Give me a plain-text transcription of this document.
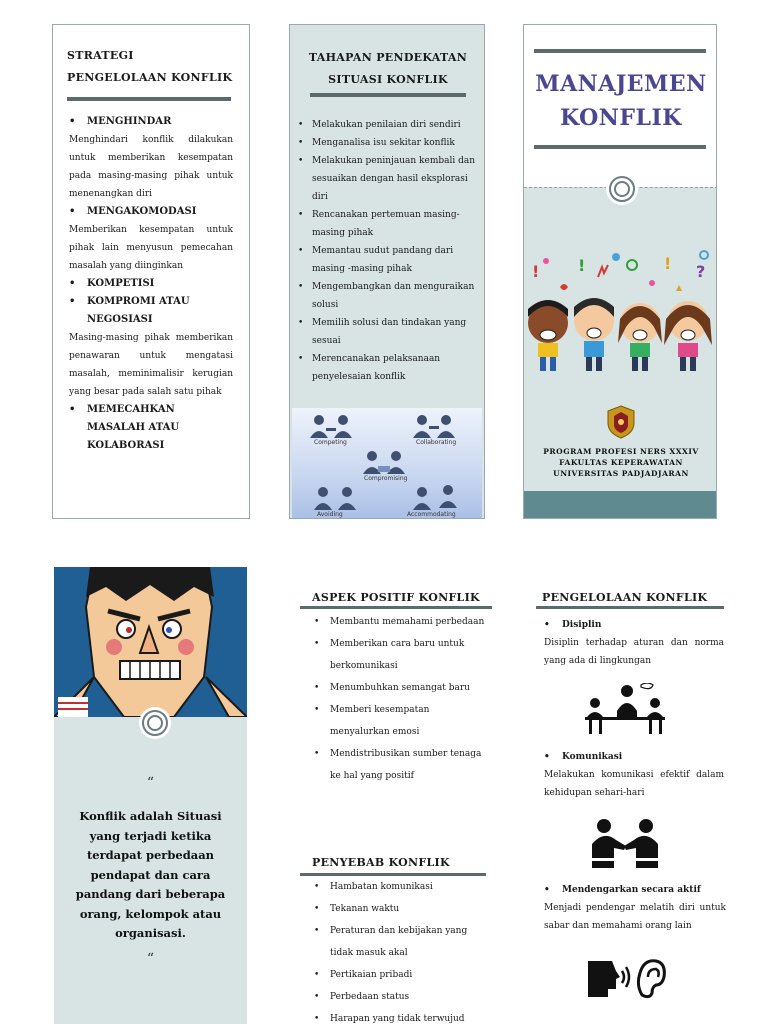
STRATEGI
PENGELOLAAN KONFLIK
•	MENGHINDAR
Menghindari konflik dilakukan untuk memberikan kesempatan pada masing-masing pihak untuk menenangkan diri
•	MENGAKOMODASI
Memberikan kesempatan untuk pihak lain menyusun pemecahan masalah yang diinginkan
•	KOMPETISI
•	KOMPROMI ATAU NEGOSIASI
Masing-masing pihak memberikan penawaran untuk mengatasi masalah, meminimalisir kerugian yang besar pada salah satu pihak
•	MEMECAHKAN MASALAH ATAU KOLABORASI
TAHAPAN PENDEKATAN
SITUASI KONFLIK
• Melakukan penilaian diri sendiri
• Menganalisa isu sekitar konflik
• Melakukan peninjauan kembali dan sesuaikan dengan hasil eksplorasi diri
• Rencanakan pertemuan masing-masing pihak
• Memantau sudut pandang dari masing -masing pihak
• Mengembangkan dan menguraikan solusi
• Memilih solusi dan tindakan yang sesuai
• Merencanakan pelaksanaan penyelesaian konflik
Competing	Collaborating
Compromising
Avoiding	Accommodating
MANAJEMEN
KONFLIK
! !	! ?
PROGRAM PROFESI NERS XXXIV
FAKULTAS KEPERAWATAN
UNIVERSITAS PADJADJARAN
“
Konflik adalah Situasi yang terjadi ketika terdapat perbedaan pendapat dan cara pandang dari beberapa orang, kelompok atau organisasi.
“
ASPEK POSITIF KONFLIK
•	Membantu memahami perbedaan
•	Memberikan cara baru untuk berkomunikasi
•	Menumbuhkan semangat baru
•	Memberi kesempatan menyalurkan emosi
•	Mendistribusikan sumber tenaga ke hal yang positif
PENYEBAB KONFLIK
•	Hambatan komunikasi
•	Tekanan waktu
•	Peraturan dan kebijakan yang tidak masuk akal
•	Pertikaian pribadi
•	Perbedaan status
•	Harapan yang tidak terwujud
PENGELOLAAN KONFLIK
•	Disiplin
Disiplin terhadap aturan dan norma yang ada di lingkungan
•	Komunikasi
Melakukan komunikasi efektif dalam kehidupan sehari-hari
•	Mendengarkan secara aktif
Menjadi pendengar melatih diri untuk sabar dan memahami orang lain
